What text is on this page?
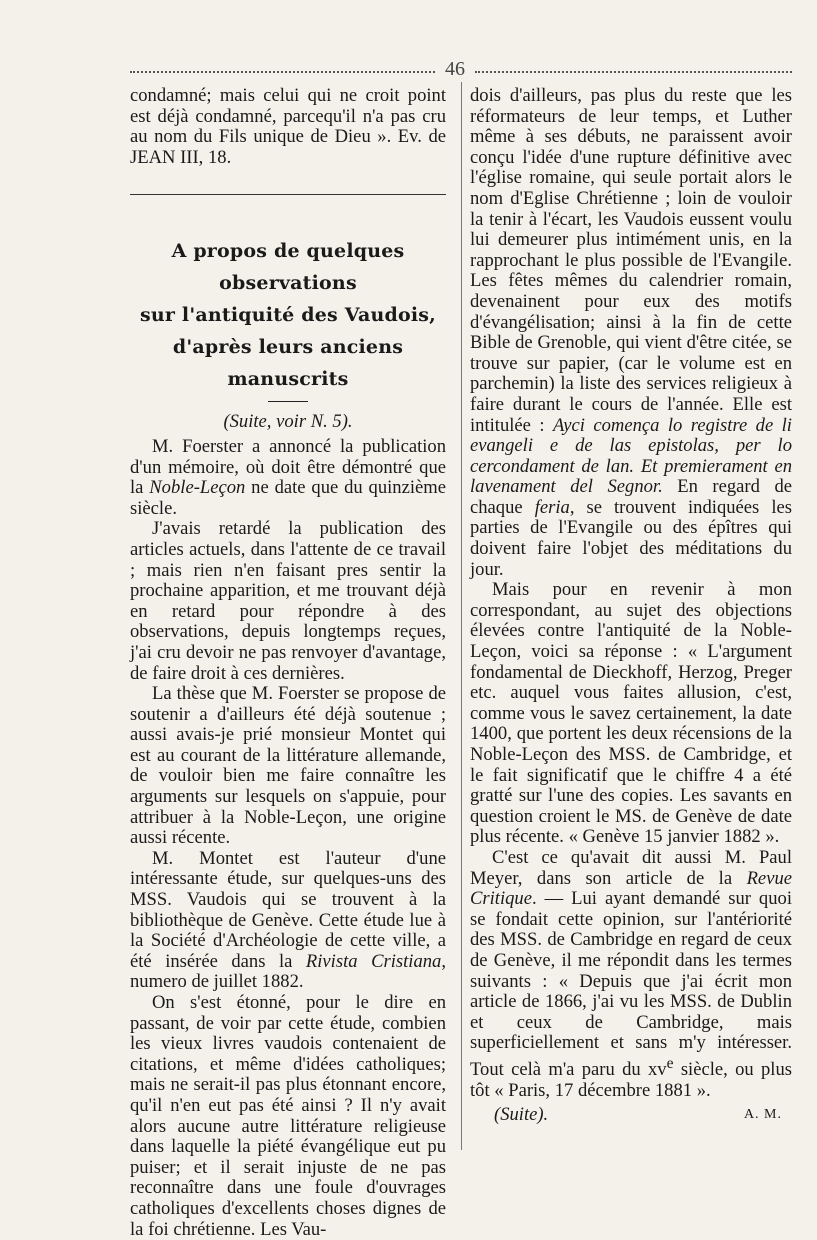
46

condamné; mais celui qui ne croit point est déjà condamné, parcequ'il n'a pas cru au nom du Fils unique de Dieu ». Ev. de JEAN III, 18.

A propos de quelques observations
sur l'antiquité des Vaudois,
d'après leurs anciens manuscrits
(Suite, voir N. 5).

M. Foerster a annoncé la publication d'un mémoire, où doit être démontré que la Noble-Leçon ne date que du quinzième siècle.

J'avais retardé la publication des articles actuels, dans l'attente de ce travail ; mais rien n'en faisant pres sentir la prochaine apparition, et me trouvant déjà en retard pour répondre à des observations, depuis longtemps reçues, j'ai cru devoir ne pas renvoyer d'avantage, de faire droit à ces dernières.

La thèse que M. Foerster se propose de soutenir a d'ailleurs été déjà soutenue ; aussi avais-je prié monsieur Montet qui est au courant de la littérature allemande, de vouloir bien me faire connaître les arguments sur lesquels on s'appuie, pour attribuer à la Noble-Leçon, une origine aussi récente.

M. Montet est l'auteur d'une intéressante étude, sur quelques-uns des MSS. Vaudois qui se trouvent à la bibliothèque de Genève. Cette étude lue à la Société d'Archéologie de cette ville, a été insérée dans la Rivista Cristiana, numero de juillet 1882.

On s'est étonné, pour le dire en passant, de voir par cette étude, combien les vieux livres vaudois contenaient de citations, et même d'idées catholiques; mais ne serait-il pas plus étonnant encore, qu'il n'en eut pas été ainsi ? Il n'y avait alors aucune autre littérature religieuse dans laquelle la piété évangélique eut pu puiser; et il serait injuste de ne pas reconnaître dans une foule d'ouvrages catholiques d'excellents choses dignes de la foi chrétienne. Les Vau-

dois d'ailleurs, pas plus du reste que les réformateurs de leur temps, et Luther même à ses débuts, ne paraissent avoir conçu l'idée d'une rupture définitive avec l'église romaine, qui seule portait alors le nom d'Eglise Chrétienne ; loin de vouloir la tenir à l'écart, les Vaudois eussent voulu lui demeurer plus intimément unis, en la rapprochant le plus possible de l'Evangile. Les fêtes mêmes du calendrier romain, devenainent pour eux des motifs d'évangélisation; ainsi à la fin de cette Bible de Grenoble, qui vient d'être citée, se trouve sur papier, (car le volume est en parchemin) la liste des services religieux à faire durant le cours de l'année. Elle est intitulée : Ayci comença lo registre de li evangeli e de las epistolas, per lo cercondament de lan. Et premierament en lavenament del Segnor. En regard de chaque feria, se trouvent indiquées les parties de l'Evangile ou des épîtres qui doivent faire l'objet des méditations du jour.

Mais pour en revenir à mon correspondant, au sujet des objections élevées contre l'antiquité de la Noble-Leçon, voici sa réponse : « L'argument fondamental de Dieckhoff, Herzog, Preger etc. auquel vous faites allusion, c'est, comme vous le savez certainement, la date 1400, que portent les deux récensions de la Noble-Leçon des MSS. de Cambridge, et le fait significatif que le chiffre 4 a été gratté sur l'une des copies. Les savants en question croient le MS. de Genève de date plus récente. « Genève 15 janvier 1882 ».

C'est ce qu'avait dit aussi M. Paul Meyer, dans son article de la Revue Critique. — Lui ayant demandé sur quoi se fondait cette opinion, sur l'antériorité des MSS. de Cambridge en regard de ceux de Genève, il me répondit dans les termes suivants : « Depuis que j'ai écrit mon article de 1866, j'ai vu les MSS. de Dublin et ceux de Cambridge, mais superficiellement et sans m'y intéresser. Tout celà m'a paru du $xv^e$ siècle, ou plus tôt « Paris, 17 décembre 1881 ».

(Suite).	A. M.
